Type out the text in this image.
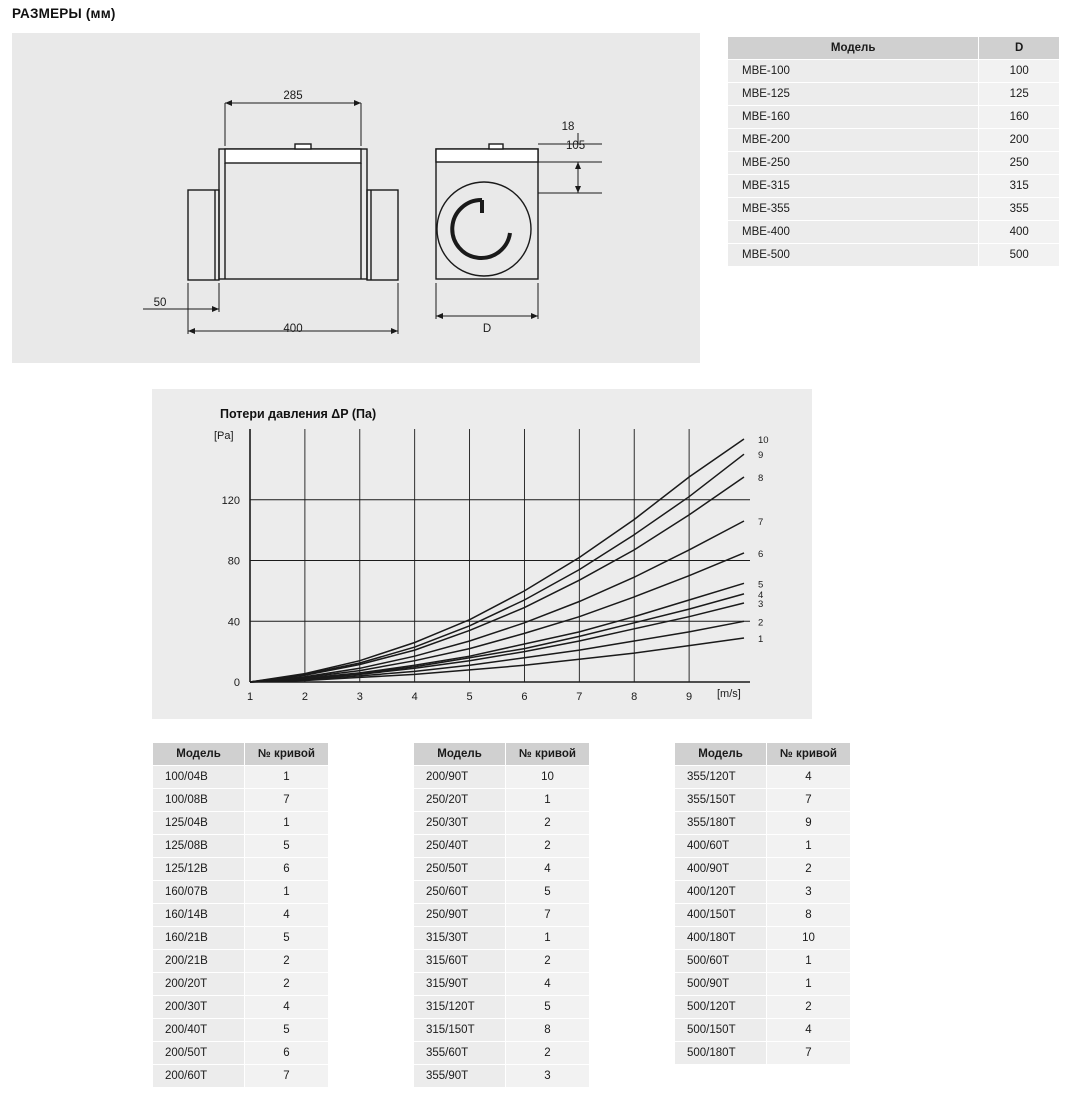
РАЗМЕРЫ (мм)
285
400
50
18
105
D
Модель	D
MBE-100	100
MBE-125	125
MBE-160	160
MBE-200	200
MBE-250	250
MBE-315	315
MBE-355	355
MBE-400	400
MBE-500	500
Потери давления ΔP (Па)
1	2	3	4	5	6	7	8	9
0
40
80
120
1
2
3
4
5
6
7
8
9
10
[Pa]
[m/s]
Модель	№ кривой
100/04B	1
100/08B	7
125/04B	1
125/08B	5
125/12B	6
160/07B	1
160/14B	4
160/21B	5
200/21B	2
200/20T	2
200/30T	4
200/40T	5
200/50T	6
200/60T	7
Модель	№ кривой
200/90T	10
250/20T	1
250/30T	2
250/40T	2
250/50T	4
250/60T	5
250/90T	7
315/30T	1
315/60T	2
315/90T	4
315/120T	5
315/150T	8
355/60T	2
355/90T	3
Модель	№ кривой
355/120T	4
355/150T	7
355/180T	9
400/60T	1
400/90T	2
400/120T	3
400/150T	8
400/180T	10
500/60T	1
500/90T	1
500/120T	2
500/150T	4
500/180T	7
